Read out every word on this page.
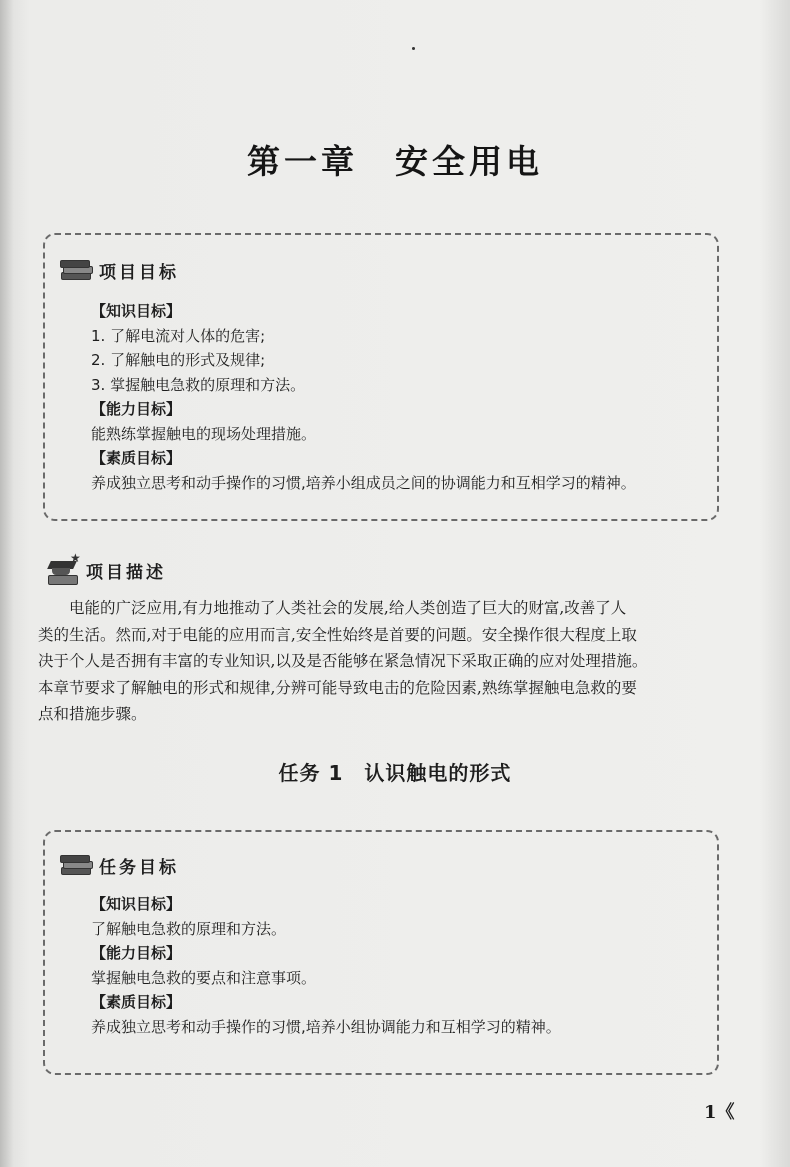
第一章　安全用电
项目目标
【知识目标】
1. 了解电流对人体的危害;
2. 了解触电的形式及规律;
3. 掌握触电急救的原理和方法。
【能力目标】
能熟练掌握触电的现场处理措施。
【素质目标】
养成独立思考和动手操作的习惯,培养小组成员之间的协调能力和互相学习的精神。
★
项目描述

电能的广泛应用,有力地推动了人类社会的发展,给人类创造了巨大的财富,改善了人
类的生活。然而,对于电能的应用而言,安全性始终是首要的问题。安全操作很大程度上取
决于个人是否拥有丰富的专业知识,以及是否能够在紧急情况下采取正确的应对处理措施。
本章节要求了解触电的形式和规律,分辨可能导致电击的危险因素,熟练掌握触电急救的要
点和措施步骤。

任务 1　认识触电的形式
任务目标
【知识目标】
了解触电急救的原理和方法。
【能力目标】
掌握触电急救的要点和注意事项。
【素质目标】
养成独立思考和动手操作的习惯,培养小组协调能力和互相学习的精神。
1《
